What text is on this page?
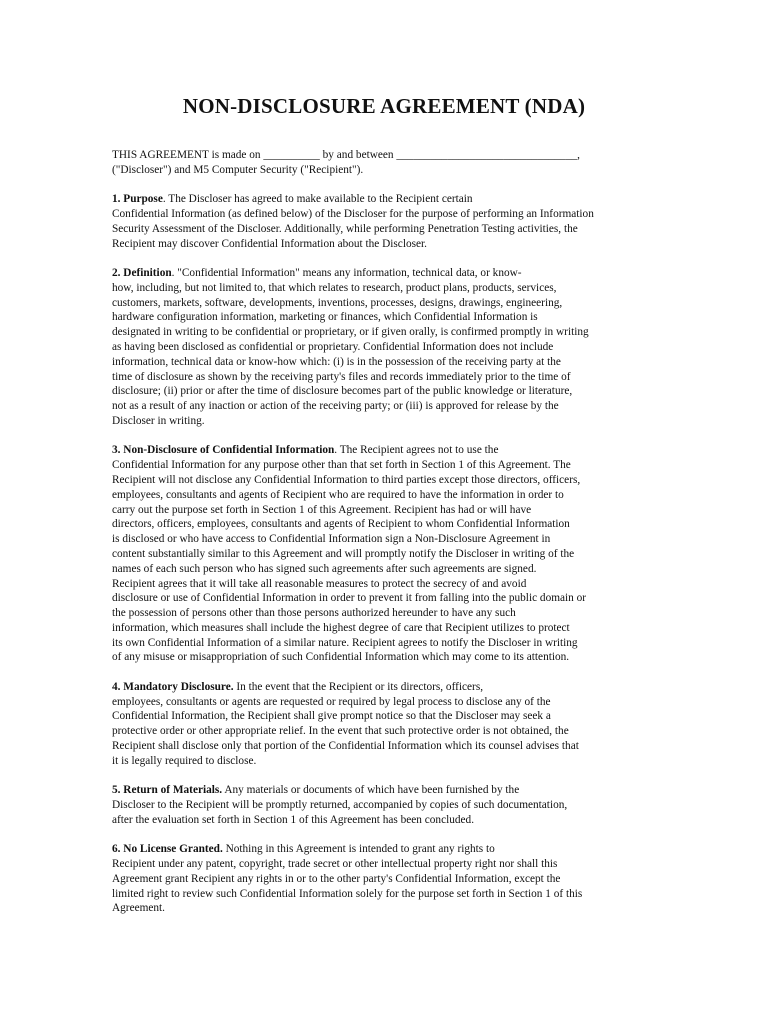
NON-DISCLOSURE AGREEMENT (NDA)

THIS AGREEMENT is made on __________ by and between ________________________________,
("Discloser") and M5 Computer Security ("Recipient").

1. Purpose. The Discloser has agreed to make available to the Recipient certain
Confidential Information (as defined below) of the Discloser for the purpose of performing an Information
Security Assessment of the Discloser. Additionally, while performing Penetration Testing activities, the
Recipient may discover Confidential Information about the Discloser.

2. Definition. "Confidential Information" means any information, technical data, or know-
how, including, but not limited to, that which relates to research, product plans, products, services,
customers, markets, software, developments, inventions, processes, designs, drawings, engineering,
hardware configuration information, marketing or finances, which Confidential Information is
designated in writing to be confidential or proprietary, or if given orally, is confirmed promptly in writing
as having been disclosed as confidential or proprietary. Confidential Information does not include
information, technical data or know-how which: (i) is in the possession of the receiving party at the
time of disclosure as shown by the receiving party's files and records immediately prior to the time of
disclosure; (ii) prior or after the time of disclosure becomes part of the public knowledge or literature,
not as a result of any inaction or action of the receiving party; or (iii) is approved for release by the
Discloser in writing.

3. Non-Disclosure of Confidential Information. The Recipient agrees not to use the
Confidential Information for any purpose other than that set forth in Section 1 of this Agreement. The
Recipient will not disclose any Confidential Information to third parties except those directors, officers,
employees, consultants and agents of Recipient who are required to have the information in order to
carry out the purpose set forth in Section 1 of this Agreement. Recipient has had or will have
directors, officers, employees, consultants and agents of Recipient to whom Confidential Information
is disclosed or who have access to Confidential Information sign a Non-Disclosure Agreement in
content substantially similar to this Agreement and will promptly notify the Discloser in writing of the
names of each such person who has signed such agreements after such agreements are signed.
Recipient agrees that it will take all reasonable measures to protect the secrecy of and avoid
disclosure or use of Confidential Information in order to prevent it from falling into the public domain or
the possession of persons other than those persons authorized hereunder to have any such
information, which measures shall include the highest degree of care that Recipient utilizes to protect
its own Confidential Information of a similar nature. Recipient agrees to notify the Discloser in writing
of any misuse or misappropriation of such Confidential Information which may come to its attention.

4. Mandatory Disclosure. In the event that the Recipient or its directors, officers,
employees, consultants or agents are requested or required by legal process to disclose any of the
Confidential Information, the Recipient shall give prompt notice so that the Discloser may seek a
protective order or other appropriate relief. In the event that such protective order is not obtained, the
Recipient shall disclose only that portion of the Confidential Information which its counsel advises that
it is legally required to disclose.

5. Return of Materials. Any materials or documents of which have been furnished by the
Discloser to the Recipient will be promptly returned, accompanied by copies of such documentation,
after the evaluation set forth in Section 1 of this Agreement has been concluded.

6. No License Granted. Nothing in this Agreement is intended to grant any rights to
Recipient under any patent, copyright, trade secret or other intellectual property right nor shall this
Agreement grant Recipient any rights in or to the other party's Confidential Information, except the
limited right to review such Confidential Information solely for the purpose set forth in Section 1 of this
Agreement.
